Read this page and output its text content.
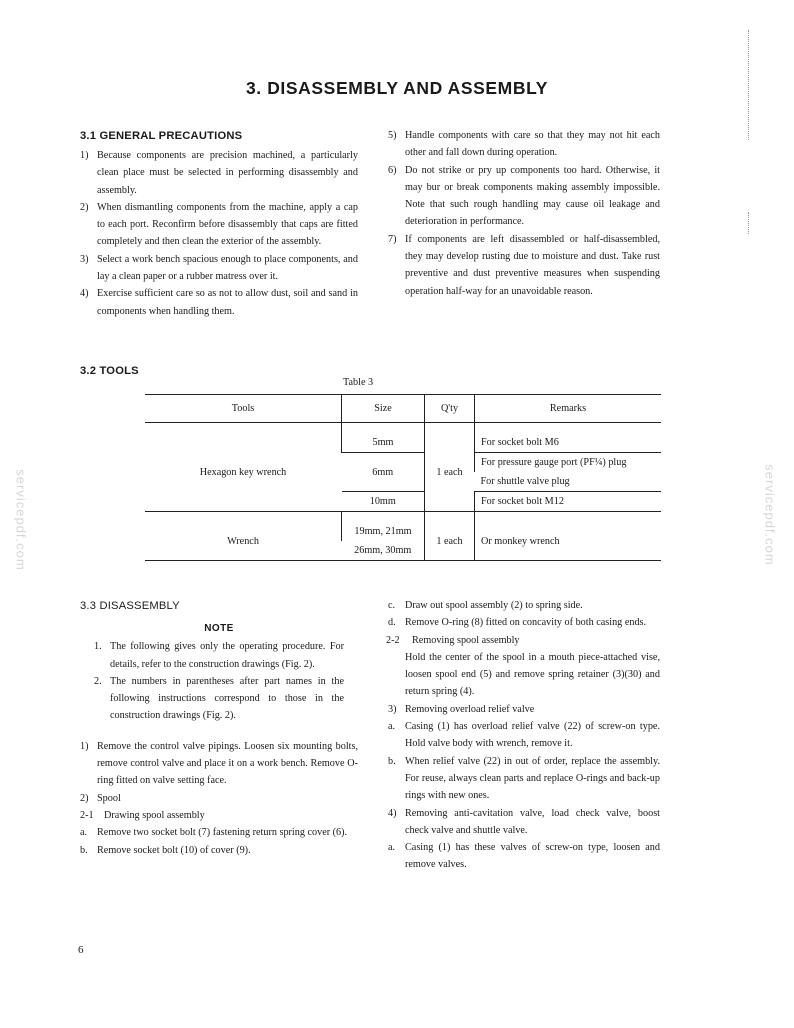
3. DISASSEMBLY AND ASSEMBLY
3.1 GENERAL PRECAUTIONS
1) Because components are precision machined, a particularly clean place must be selected in performing disassembly and assembly.
2) When dismantling components from the machine, apply a cap to each port. Reconfirm before disassembly that caps are fitted completely and then clean the exterior of the assembly.
3) Select a work bench spacious enough to place components, and lay a clean paper or a rubber matress over it.
4) Exercise sufficient care so as not to allow dust, soil and sand in components when handling them.
5) Handle components with care so that they may not hit each other and fall down during operation.
6) Do not strike or pry up components too hard. Otherwise, it may bur or break components making assembly impossible. Note that such rough handling may cause oil leakage and deterioration in performance.
7) If components are left disassembled or half-disassembled, they may develop rusting due to moisture and dust. Take rust preventive and dust preventive measures when suspending operation half-way for an unavoidable reason.
3.2 TOOLS
Table 3
Tools	Size	Q'ty	Remarks

Hexagon key wrench	5mm	1 each	For socket bolt M6
	6mm		For pressure gauge port (PF¼) plug
			For shuttle valve plug
	10mm		For socket bolt M12

Wrench	19mm, 21mm	1 each	Or monkey wrench
	26mm, 30mm		
3.3 DISASSEMBLY
NOTE
1. The following gives only the operating procedure. For details, refer to the construction drawings (Fig. 2).
2. The numbers in parentheses after part names in the following instructions correspond to those in the construction drawings (Fig. 2).
1) Remove the control valve pipings. Loosen six mounting bolts, remove control valve and place it on a work bench. Remove O-ring fitted on valve setting face.
2) Spool
2-1 Drawing spool assembly
a. Remove two socket bolt (7) fastening return spring cover (6).
b. Remove socket bolt (10) of cover (9).
c. Draw out spool assembly (2) to spring side.
d. Remove O-ring (8) fitted on concavity of both casing ends.
2-2 Removing spool assembly
Hold the center of the spool in a mouth piece-attached vise, loosen spool end (5) and remove spring retainer (3)(30) and return spring (4).
3) Removing overload relief valve
a. Casing (1) has overload relief valve (22) of screw-on type. Hold valve body with wrench, remove it.
b. When relief valve (22) in out of order, replace the assembly. For reuse, always clean parts and replace O-rings and back-up rings with new ones.
4) Removing anti-cavitation valve, load check valve, boost check valve and shuttle valve.
a. Casing (1) has these valves of screw-on type, loosen and remove valves.
servicepdf.com	servicepdf.com
6
